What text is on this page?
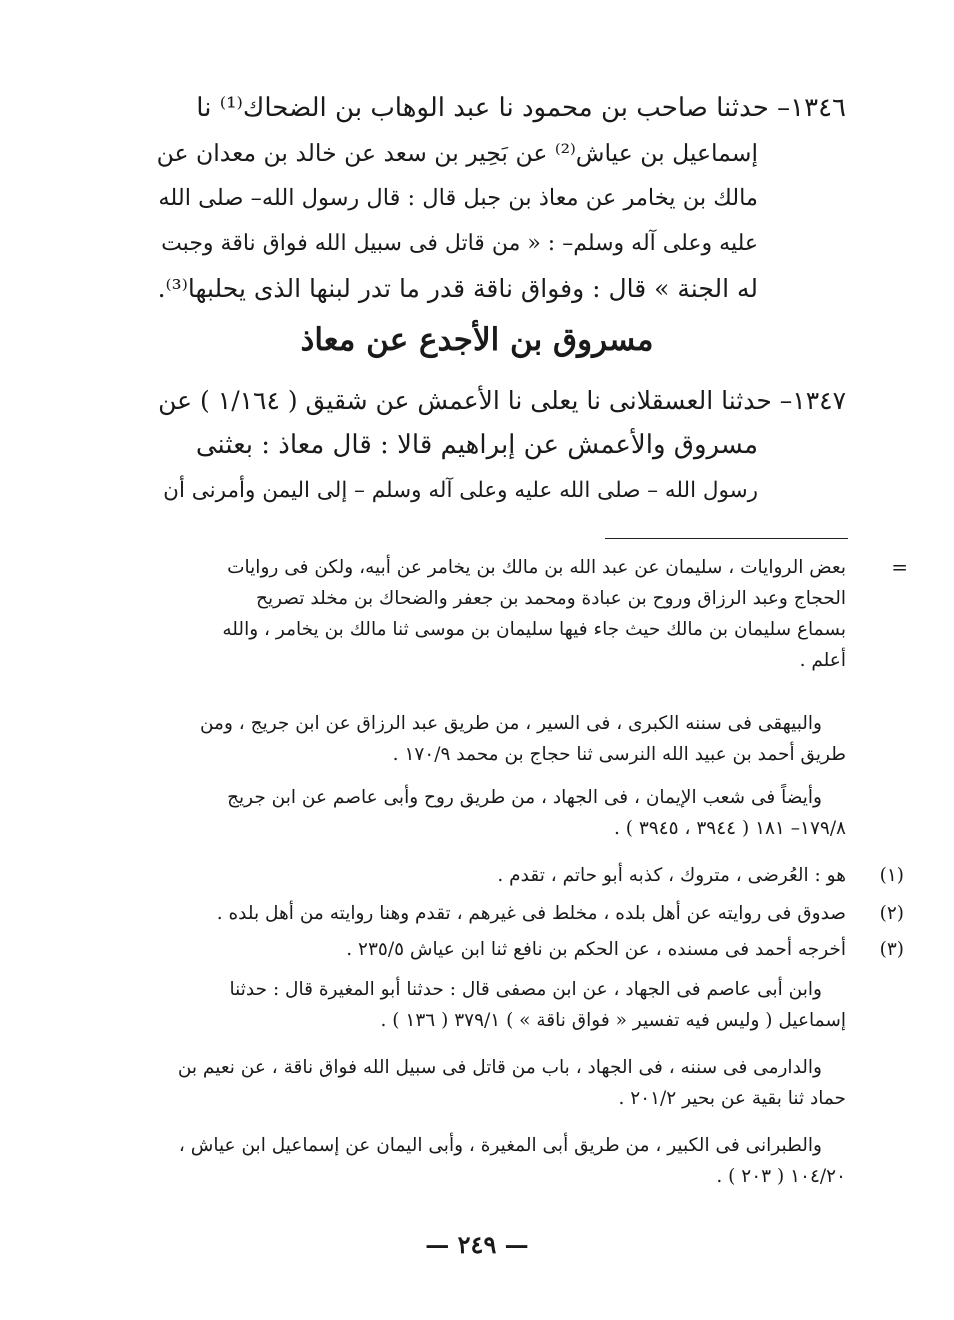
١٣٤٦– حدثنا صاحب بن محمود نا عبد الوهاب بن الضحاك⁽¹⁾ نا
إسماعيل بن عياش⁽²⁾ عن بَحِير بن سعد عن خالد بن معدان عن
مالك بن يخامر عن معاذ بن جبل قال : قال رسول الله– صلى الله
عليه وعلى آله وسلم– : « من قاتل فى سبيل الله فواق ناقة وجبت
له الجنة » قال : وفواق ناقة قدر ما تدر لبنها الذى يحلبها⁽³⁾.
مسروق بن الأجدع عن معاذ
١٣٤٧– حدثنا العسقلانى نا يعلى نا الأعمش عن شقيق ( ١/١٦٤ ) عن
مسروق والأعمش عن إبراهيم قالا : قال معاذ : بعثنى
رسول الله – صلى الله عليه وعلى آله وسلم – إلى اليمن وأمرنى أن
=
بعض الروايات ، سليمان عن عبد الله بن مالك بن يخامر عن أبيه، ولكن فى روايات
الحجاج وعبد الرزاق وروح بن عبادة ومحمد بن جعفر والضحاك بن مخلد تصريح
بسماع سليمان بن مالك حيث جاء فيها سليمان بن موسى ثنا مالك بن يخامر ، والله
أعلم .
والبيهقى فى سننه الكبرى ، فى السير ، من طريق عبد الرزاق عن ابن جريج ، ومن
طريق أحمد بن عبيد الله النرسى ثنا حجاج بن محمد ١٧٠/٩ .
وأيضاً فى شعب الإيمان ، فى الجهاد ، من طريق روح وأبى عاصم عن ابن جريج
١٧٩/٨– ١٨١ ( ٣٩٤٤ ، ٣٩٤٥ ) .
(١)
هو : العُرضى ، متروك ، كذبه أبو حاتم ، تقدم .
(٢)
صدوق فى روايته عن أهل بلده ، مخلط فى غيرهم ، تقدم وهنا روايته من أهل بلده .
(٣)
أخرجه أحمد فى مسنده ، عن الحكم بن نافع ثنا ابن عياش ٢٣٥/٥ .
وابن أبى عاصم فى الجهاد ، عن ابن مصفى قال : حدثنا أبو المغيرة قال : حدثنا
إسماعيل ( وليس فيه تفسير « فواق ناقة » ) ٣٧٩/١ ( ١٣٦ ) .
والدارمى فى سننه ، فى الجهاد ، باب من قاتل فى سبيل الله فواق ناقة ، عن نعيم بن
حماد ثنا بقية عن بحير ٢٠١/٢ .
والطبرانى فى الكبير ، من طريق أبى المغيرة ، وأبى اليمان عن إسماعيل ابن عياش ،
١٠٤/٢٠ ( ٢٠٣ ) .
— ٢٤٩ —
